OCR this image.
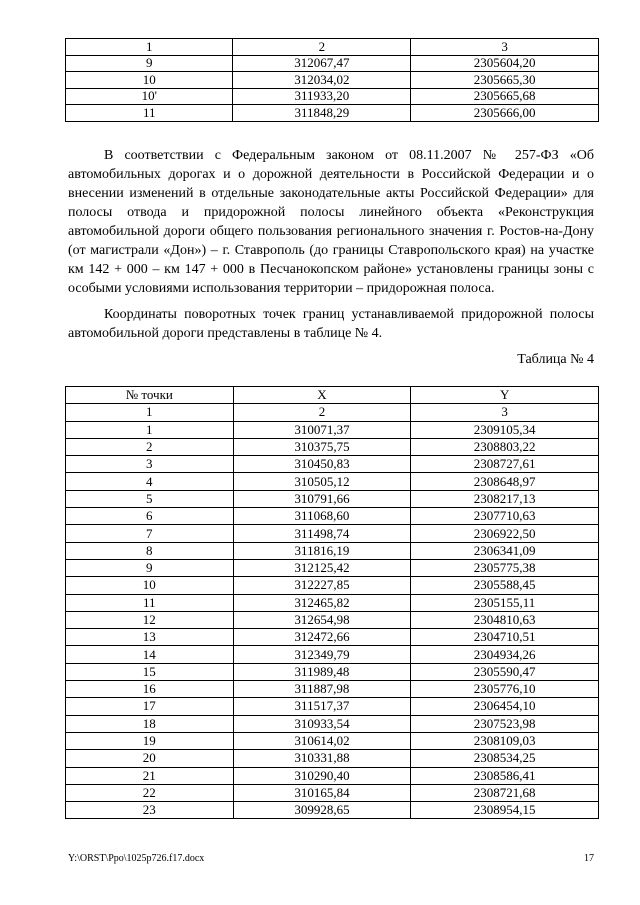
1	2	3
9	312067,47	2305604,20
10	312034,02	2305665,30
10'	311933,20	2305665,68
11	311848,29	2305666,00

В соответствии с Федеральным законом от 08.11.2007 № 257-ФЗ «Об автомобильных дорогах и о дорожной деятельности в Российской Федерации и о внесении изменений в отдельные законодательные акты Российской Федерации» для полосы отвода и придорожной полосы линейного объекта «Реконструкция автомобильной дороги общего пользования регионального значения г. Ростов-на-Дону (от магистрали «Дон») – г. Ставрополь (до границы Ставропольского края) на участке км 142 + 000 – км 147 + 000 в Песчанокопском районе» установлены границы зоны с особыми условиями использования территории – придорожная полоса.

Координаты поворотных точек границ устанавливаемой придорожной полосы автомобильной дороги представлены в таблице № 4.

Таблица № 4
№ точки	X	Y
1	2	3
1	310071,37	2309105,34
2	310375,75	2308803,22
3	310450,83	2308727,61
4	310505,12	2308648,97
5	310791,66	2308217,13
6	311068,60	2307710,63
7	311498,74	2306922,50
8	311816,19	2306341,09
9	312125,42	2305775,38
10	312227,85	2305588,45
11	312465,82	2305155,11
12	312654,98	2304810,63
13	312472,66	2304710,51
14	312349,79	2304934,26
15	311989,48	2305590,47
16	311887,98	2305776,10
17	311517,37	2306454,10
18	310933,54	2307523,98
19	310614,02	2308109,03
20	310331,88	2308534,25
21	310290,40	2308586,41
22	310165,84	2308721,68
23	309928,65	2308954,15
Y:\ORST\Ppo\1025p726.f17.docx	17
